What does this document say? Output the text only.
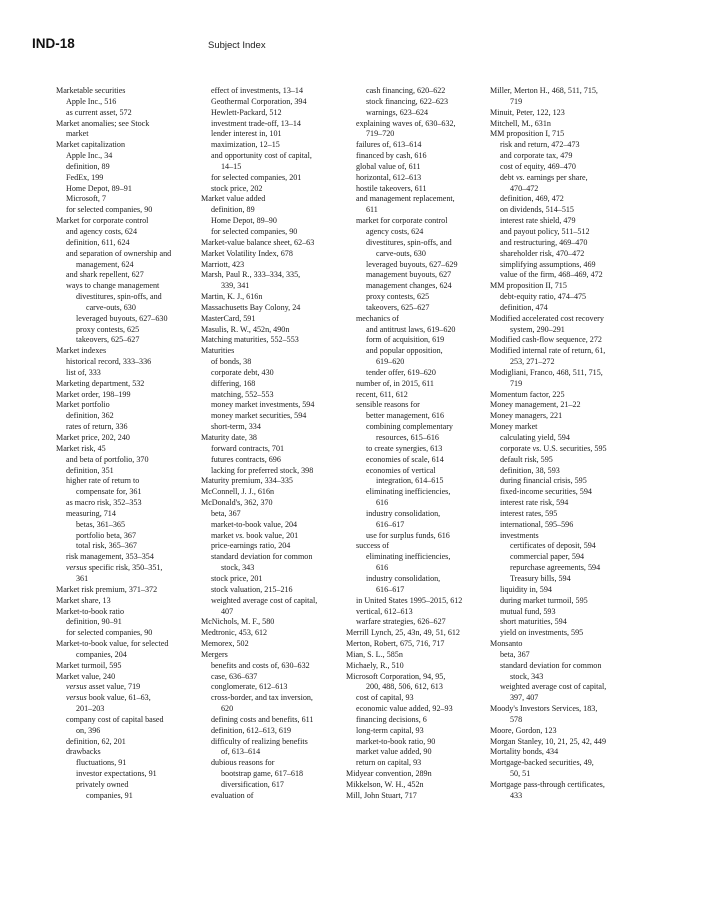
IND-18	Subject Index
Marketable securities
Apple Inc., 516
as current asset, 572
Market anomalies; see Stock
market
Market capitalization
Apple Inc., 34
definition, 89
FedEx, 199
Home Depot, 89–91
Microsoft, 7
for selected companies, 90
Market for corporate control
and agency costs, 624
definition, 611, 624
and separation of ownership and
management, 624
and shark repellent, 627
ways to change management
divestitures, spin-offs, and
carve-outs, 630
leveraged buyouts, 627–630
proxy contests, 625
takeovers, 625–627
Market indexes
historical record, 333–336
list of, 333
Marketing department, 532
Market order, 198–199
Market portfolio
definition, 362
rates of return, 336
Market price, 202, 240
Market risk, 45
and beta of portfolio, 370
definition, 351
higher rate of return to
compensate for, 361
as macro risk, 352–353
measuring, 714
betas, 361–365
portfolio beta, 367
total risk, 365–367
risk management, 353–354
versus specific risk, 350–351,
361
Market risk premium, 371–372
Market share, 13
Market-to-book ratio
definition, 90–91
for selected companies, 90
Market-to-book value, for selected
companies, 204
Market turmoil, 595
Market value, 240
versus asset value, 719
versus book value, 61–63,
201–203
company cost of capital based
on, 396
definition, 62, 201
drawbacks
fluctuations, 91
investor expectations, 91
privately owned
companies, 91
effect of investments, 13–14
Geothermal Corporation, 394
Hewlett-Packard, 512
investment trade-off, 13–14
lender interest in, 101
maximization, 12–15
and opportunity cost of capital,
14–15
for selected companies, 201
stock price, 202
Market value added
definition, 89
Home Depot, 89–90
for selected companies, 90
Market-value balance sheet, 62–63
Market Volatility Index, 678
Marriott, 423
Marsh, Paul R., 333–334, 335,
339, 341
Martin, K. J., 616n
Massachusetts Bay Colony, 24
MasterCard, 591
Masulis, R. W., 452n, 490n
Matching maturities, 552–553
Maturities
of bonds, 38
corporate debt, 430
differing, 168
matching, 552–553
money market investments, 594
money market securities, 594
short-term, 334
Maturity date, 38
forward contracts, 701
futures contracts, 696
lacking for preferred stock, 398
Maturity premium, 334–335
McConnell, J. J., 616n
McDonald's, 362, 370
beta, 367
market-to-book value, 204
market vs. book value, 201
price-earnings ratio, 204
standard deviation for common
stock, 343
stock price, 201
stock valuation, 215–216
weighted average cost of capital,
407
McNichols, M. F., 580
Medtronic, 453, 612
Memorex, 502
Mergers
benefits and costs of, 630–632
case, 636–637
conglomerate, 612–613
cross-border, and tax inversion,
620
defining costs and benefits, 611
definition, 612–613, 619
difficulty of realizing benefits
of, 613–614
dubious reasons for
bootstrap game, 617–618
diversification, 617
evaluation of
cash financing, 620–622
stock financing, 622–623
warnings, 623–624
explaining waves of, 630–632,
719–720
failures of, 613–614
financed by cash, 616
global value of, 611
horizontal, 612–613
hostile takeovers, 611
and management replacement,
611
market for corporate control
agency costs, 624
divestitures, spin-offs, and
carve-outs, 630
leveraged buyouts, 627–629
management buyouts, 627
management changes, 624
proxy contests, 625
takeovers, 625–627
mechanics of
and antitrust laws, 619–620
form of acquisition, 619
and popular opposition,
619–620
tender offer, 619–620
number of, in 2015, 611
recent, 611, 612
sensible reasons for
better management, 616
combining complementary
resources, 615–616
to create synergies, 613
economies of scale, 614
economies of vertical
integration, 614–615
eliminating inefficiencies,
616
industry consolidation,
616–617
use for surplus funds, 616
success of
eliminating inefficiencies,
616
industry consolidation,
616–617
in United States 1995–2015, 612
vertical, 612–613
warfare strategies, 626–627
Merrill Lynch, 25, 43n, 49, 51, 612
Merton, Robert, 675, 716, 717
Mian, S. L., 585n
Michaely, R., 510
Microsoft Corporation, 94, 95,
200, 488, 506, 612, 613
cost of capital, 93
economic value added, 92–93
financing decisions, 6
long-term capital, 93
market-to-book ratio, 90
market value added, 90
return on capital, 93
Midyear convention, 289n
Mikkelson, W. H., 452n
Mill, John Stuart, 717
Miller, Merton H., 468, 511, 715,
719
Minuit, Peter, 122, 123
Mitchell, M., 631n
MM proposition I, 715
risk and return, 472–473
and corporate tax, 479
cost of equity, 469–470
debt vs. earnings per share,
470–472
definition, 469, 472
on dividends, 514–515
interest rate shield, 479
and payout policy, 511–512
and restructuring, 469–470
shareholder risk, 470–472
simplifying assumptions, 469
value of the firm, 468–469, 472
MM proposition II, 715
debt-equity ratio, 474–475
definition, 474
Modified accelerated cost recovery
system, 290–291
Modified cash-flow sequence, 272
Modified internal rate of return, 61,
253, 271–272
Modigliani, Franco, 468, 511, 715,
719
Momentum factor, 225
Money management, 21–22
Money managers, 221
Money market
calculating yield, 594
corporate vs. U.S. securities, 595
default risk, 595
definition, 38, 593
during financial crisis, 595
fixed-income securities, 594
interest rate risk, 594
interest rates, 595
international, 595–596
investments
certificates of deposit, 594
commercial paper, 594
repurchase agreements, 594
Treasury bills, 594
liquidity in, 594
during market turmoil, 595
mutual fund, 593
short maturities, 594
yield on investments, 595
Monsanto
beta, 367
standard deviation for common
stock, 343
weighted average cost of capital,
397, 407
Moody's Investors Services, 183,
578
Moore, Gordon, 123
Morgan Stanley, 10, 21, 25, 42, 449
Mortality bonds, 434
Mortgage-backed securities, 49,
50, 51
Mortgage pass-through certificates,
433
